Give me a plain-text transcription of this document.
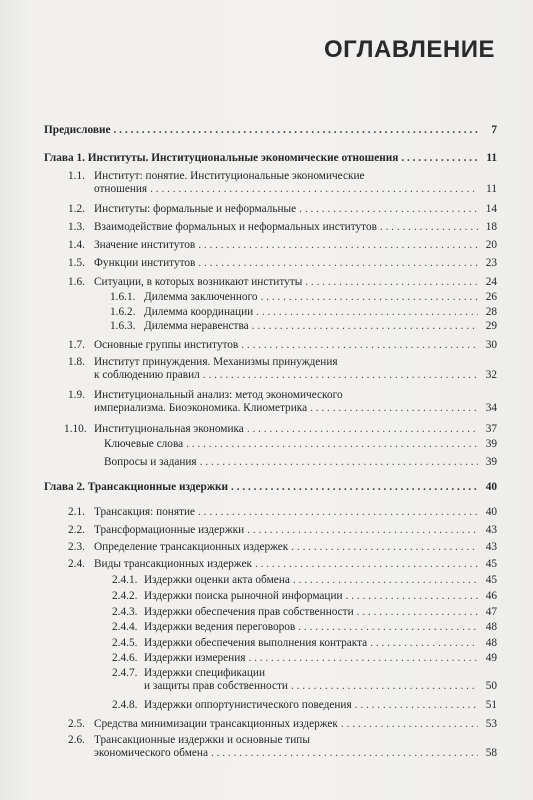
ОГЛАВЛЕНИЕ
Предисловие . . .	7
Глава 1. Институты. Институциональные экономические отношения . . .	11
1.1. Институт: понятие. Институциональные экономические
отношения . . .	11
1.2. Институты: формальные и неформальные . . .	14
1.3. Взаимодействие формальных и неформальных институтов . . .	18
1.4. Значение институтов . . .	20
1.5. Функции институтов . . .	23
1.6. Ситуации, в которых возникают институты . . .	24
1.6.1. Дилемма заключенного . . .	26
1.6.2. Дилемма координации . . .	28
1.6.3. Дилемма неравенства . . .	29
1.7. Основные группы институтов . . .	30
1.8. Институт принуждения. Механизмы принуждения
к соблюдению правил . . .	32
1.9. Институциональный анализ: метод экономического
империализма. Биоэкономика. Клиометрика . . .	34
1.10. Институциональная экономика . . .	37
Ключевые слова . . .	39
Вопросы и задания . . .	39
Глава 2. Трансакционные издержки . . .	40
2.1. Трансакция: понятие . . .	40
2.2. Трансформационные издержки . . .	43
2.3. Определение трансакционных издержек . . .	43
2.4. Виды трансакционных издержек . . .	45
2.4.1. Издержки оценки акта обмена . . .	45
2.4.2. Издержки поиска рыночной информации . . .	46
2.4.3. Издержки обеспечения прав собственности . . .	47
2.4.4. Издержки ведения переговоров . . .	48
2.4.5. Издержки обеспечения выполнения контракта . . .	48
2.4.6. Издержки измерения . . .	49
2.4.7. Издержки спецификации
и защиты прав собственности . . .	50
2.4.8. Издержки оппортунистического поведения . . .	51
2.5. Средства минимизации трансакционных издержек . . .	53
2.6. Трансакционные издержки и основные типы
экономического обмена . . .	58
